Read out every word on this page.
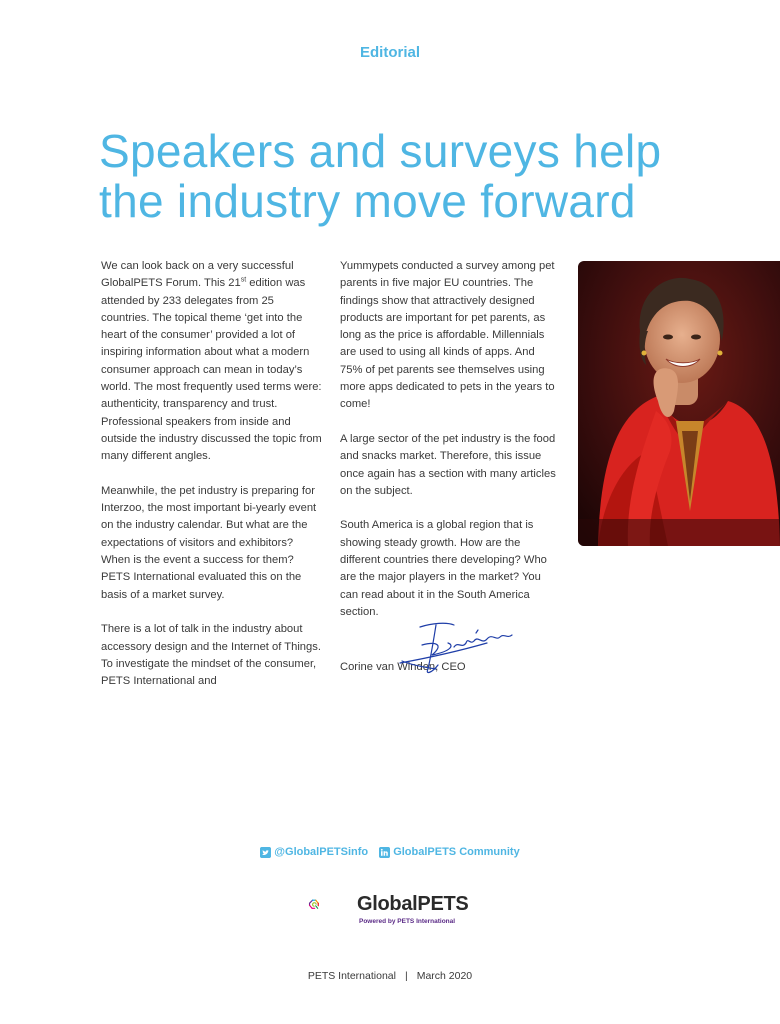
Editorial
Speakers and surveys help
the industry move forward

We can look back on a very successful GlobalPETS Forum. This 21st edition was attended by 233 delegates from 25 countries. The topical theme ‘get into the heart of the consumer’ provided a lot of inspiring information about what a modern consumer approach can mean in today’s world. The most frequently used terms were: authenticity, transparency and trust. Professional speakers from inside and outside the industry discussed the topic from many different angles.

Meanwhile, the pet industry is preparing for Interzoo, the most important bi-yearly event on the industry calendar. But what are the expectations of visitors and exhibitors? When is the event a success for them? PETS International evaluated this on the basis of a market survey.

There is a lot of talk in the industry about accessory design and the Internet of Things. To investigate the mindset of the consumer, PETS International and

Yummypets conducted a survey among pet parents in five major EU countries. The findings show that attractively designed products are important for pet parents, as long as the price is affordable. Millennials are used to using all kinds of apps. And 75% of pet parents see themselves using more apps dedicated to pets in the years to come!

A large sector of the pet industry is the food and snacks market. Therefore, this issue once again has a section with many articles on the subject.

South America is a global region that is showing steady growth. How are the different countries there developing? Who are the major players in the market? You can read about it in the South America section.

Corine van Winden, CEO

@GlobalPETSinfo
GlobalPETS Community
GlobalPETS
Powered by PETS International
PETS International | March 2020
